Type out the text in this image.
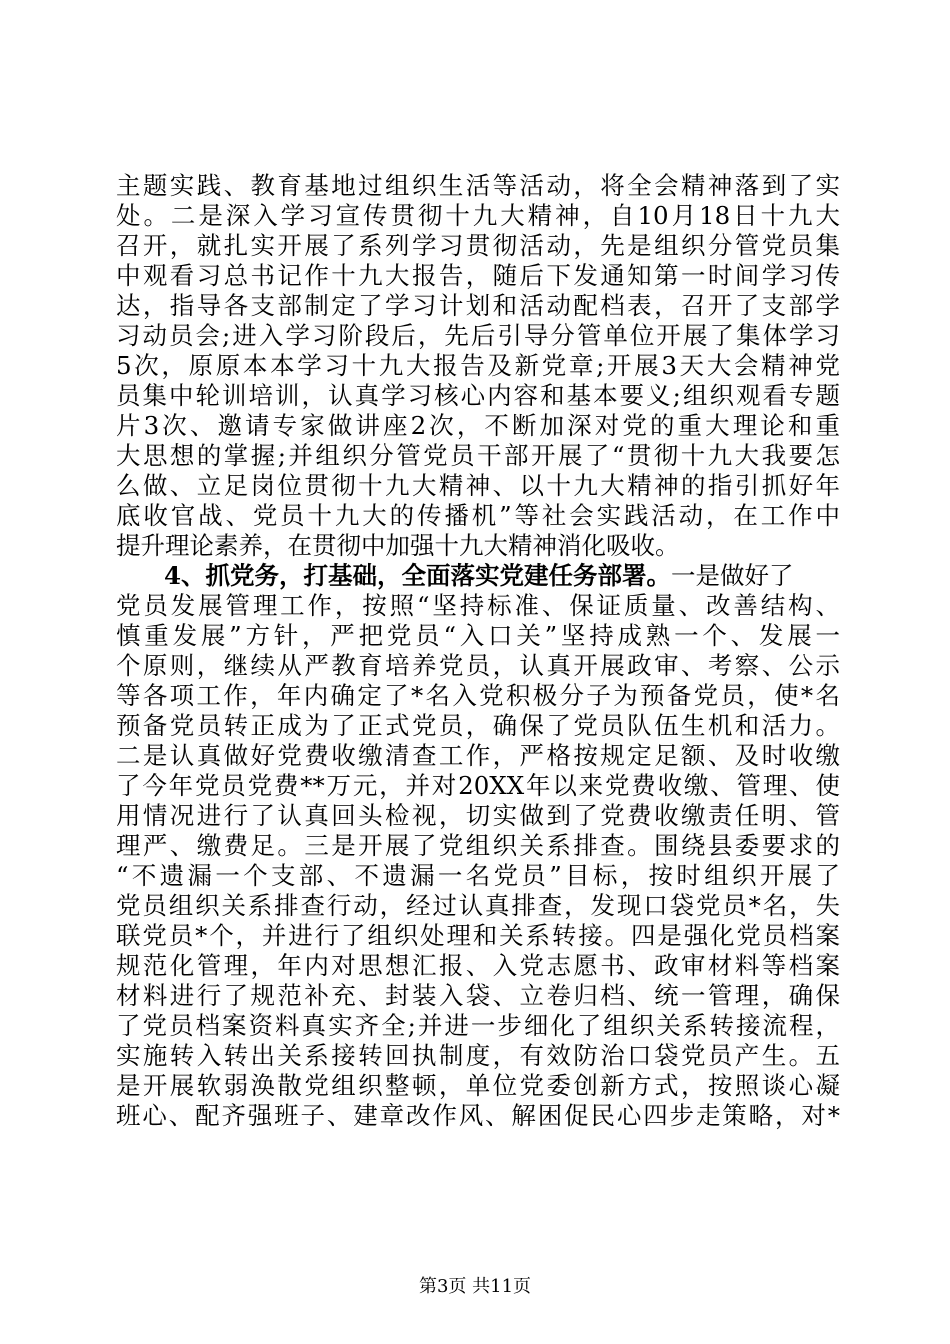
主题实践、教育基地过组织生活等活动，将全会精神落到了实
处。二是深入学习宣传贯彻十九大精神，自10月18日十九大
召开，就扎实开展了系列学习贯彻活动，先是组织分管党员集
中观看习总书记作十九大报告，随后下发通知第一时间学习传
达，指导各支部制定了学习计划和活动配档表，召开了支部学
习动员会;进入学习阶段后，先后引导分管单位开展了集体学习
5次，原原本本学习十九大报告及新党章;开展3天大会精神党
员集中轮训培训，认真学习核心内容和基本要义;组织观看专题
片3次、邀请专家做讲座2次，不断加深对党的重大理论和重
大思想的掌握;并组织分管党员干部开展了“贯彻十九大我要怎
么做、立足岗位贯彻十九大精神、以十九大精神的指引抓好年
底收官战、党员十九大的传播机”等社会实践活动，在工作中
提升理论素养，在贯彻中加强十九大精神消化吸收。
4、抓党务，打基础，全面落实党建任务部署。一是做好了
党员发展管理工作，按照“坚持标准、保证质量、改善结构、
慎重发展”方针，严把党员“入口关”坚持成熟一个、发展一
个原则，继续从严教育培养党员，认真开展政审、考察、公示
等各项工作，年内确定了*名入党积极分子为预备党员，使*名
预备党员转正成为了正式党员，确保了党员队伍生机和活力。
二是认真做好党费收缴清查工作，严格按规定足额、及时收缴
了今年党员党费**万元，并对20XX年以来党费收缴、管理、使
用情况进行了认真回头检视，切实做到了党费收缴责任明、管
理严、缴费足。三是开展了党组织关系排查。围绕县委要求的
“不遗漏一个支部、不遗漏一名党员”目标，按时组织开展了
党员组织关系排查行动，经过认真排查，发现口袋党员*名，失
联党员*个，并进行了组织处理和关系转接。四是强化党员档案
规范化管理，年内对思想汇报、入党志愿书、政审材料等档案
材料进行了规范补充、封装入袋、立卷归档、统一管理，确保
了党员档案资料真实齐全;并进一步细化了组织关系转接流程，
实施转入转出关系接转回执制度，有效防治口袋党员产生。五
是开展软弱涣散党组织整顿，单位党委创新方式，按照谈心凝
班心、配齐强班子、建章改作风、解困促民心四步走策略，对*
第3页 共11页
